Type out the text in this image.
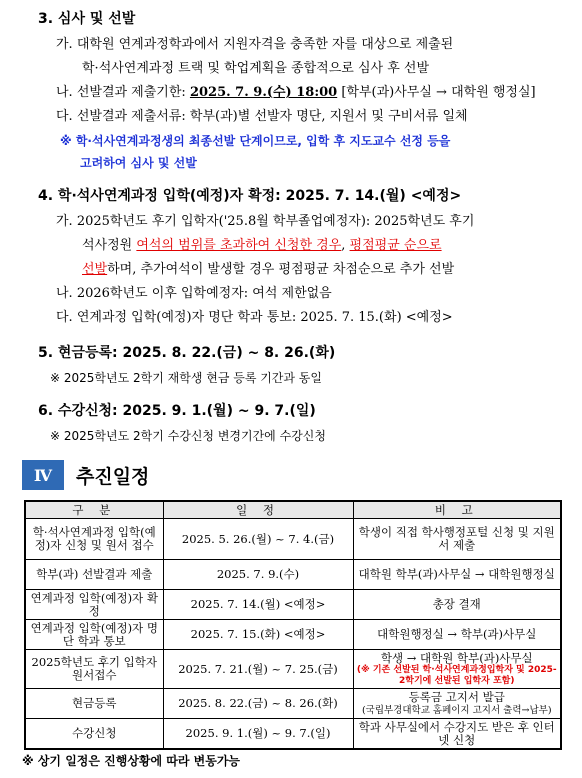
3. 심사 및 선발
가. 대학원 연계과정학과에서 지원자격을 충족한 자를 대상으로 제출된
학·석사연계과정 트랙 및 학업계획을 종합적으로 심사 후 선발
나. 선발결과 제출기한: 2025. 7. 9.(수) 18:00 [학부(과)사무실 → 대학원 행정실]
다. 선발결과 제출서류: 학부(과)별 선발자 명단, 지원서 및 구비서류 일체
※ 학·석사연계과정생의 최종선발 단계이므로, 입학 후 지도교수 선정 등을
고려하여 심사 및 선발
4. 학·석사연계과정 입학(예정)자 확정: 2025. 7. 14.(월) <예정>
가. 2025학년도 후기 입학자('25.8월 학부졸업예정자): 2025학년도 후기
석사정원 여석의 범위를 초과하여 신청한 경우, 평점평균 순으로
선발하며, 추가여석이 발생할 경우 평점평균 차점순으로 추가 선발
나. 2026학년도 이후 입학예정자: 여석 제한없음
다. 연계과정 입학(예정)자 명단 학과 통보: 2025. 7. 15.(화) <예정>
5. 현금등록: 2025. 8. 22.(금) ~ 8. 26.(화)
※ 2025학년도 2학기 재학생 현금 등록 기간과 동일
6. 수강신청: 2025. 9. 1.(월) ~ 9. 7.(일)
※ 2025학년도 2학기 수강신청 변경기간에 수강신청
Ⅳ	추진일정
구 분	일 정	비 고
학·석사연계과정 입학(예정)자 신청 및 원서 접수	2025. 5. 26.(월) ~ 7. 4.(금)	학생이 직접 학사행정포털 신청 및 지원서 제출
학부(과) 선발결과 제출	2025. 7. 9.(수)	대학원 학부(과)사무실 → 대학원행정실
연계과정 입학(예정)자 확정	2025. 7. 14.(월) <예정>	총장 결재
연계과정 입학(예정)자 명단 학과 통보	2025. 7. 15.(화) <예정>	대학원행정실 → 학부(과)사무실
2025학년도 후기 입학자 원서접수	2025. 7. 21.(월) ~ 7. 25.(금)	학생 → 대학원 학부(과)사무실
(※ 기존 선발된 학·석사연계과정입학자 및 2025-2학기에 선발된 입학자 포함)

현금등록	2025. 8. 22.(금) ~ 8. 26.(화)	등록금 고지서 발급
(국립부경대학교 홈페이지 고지서 출력→납부)

수강신청	2025. 9. 1.(월) ~ 9. 7.(일)	학과 사무실에서 수강지도 받은 후 인터넷 신청
※ 상기 일정은 진행상황에 따라 변동가능
